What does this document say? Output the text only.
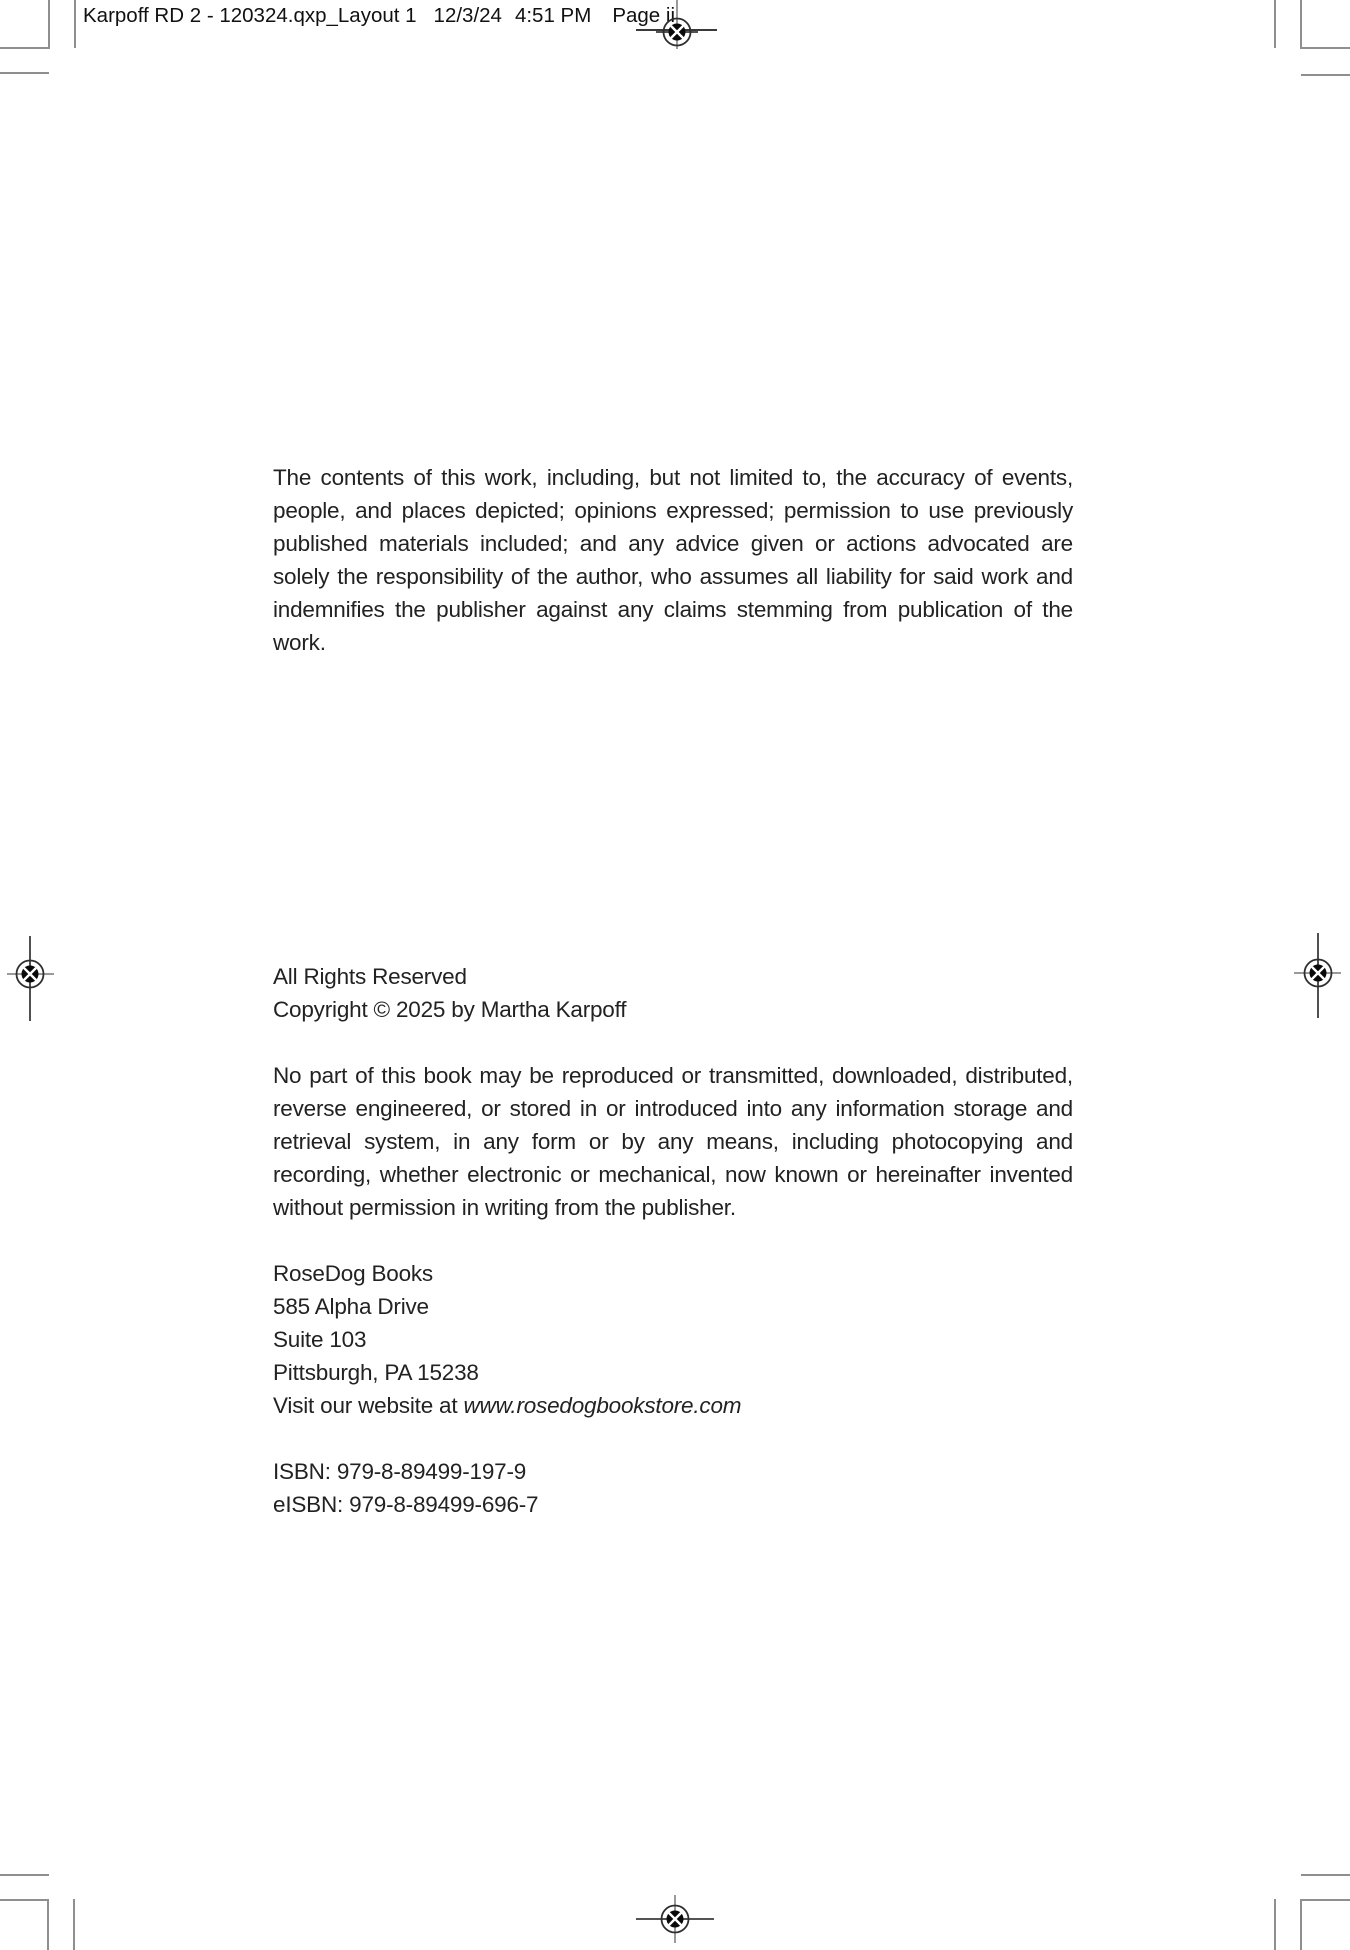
Karpoff RD 2 - 120324.qxp_Layout 1 12/3/24 4:51 PM Page ii

The contents of this work, including, but not limited to, the accuracy of events, people, and places depicted; opinions expressed; permission to use previously published materials included; and any advice given or actions advocated are solely the responsibility of the author, who assumes all liability for said work and indemnifies the publisher against any claims stemming from publication of the work.

All Rights Reserved

Copyright © 2025 by Martha Karpoff

No part of this book may be reproduced or transmitted, downloaded, distributed, reverse engineered, or stored in or introduced into any information storage and retrieval system, in any form or by any means, including photocopying and recording, whether electronic or mechanical, now known or hereinafter invented without permission in writing from the publisher.

RoseDog Books

585 Alpha Drive

Suite 103

Pittsburgh, PA 15238

Visit our website at www.rosedogbookstore.com

ISBN: 979-8-89499-197-9

eISBN: 979-8-89499-696-7
